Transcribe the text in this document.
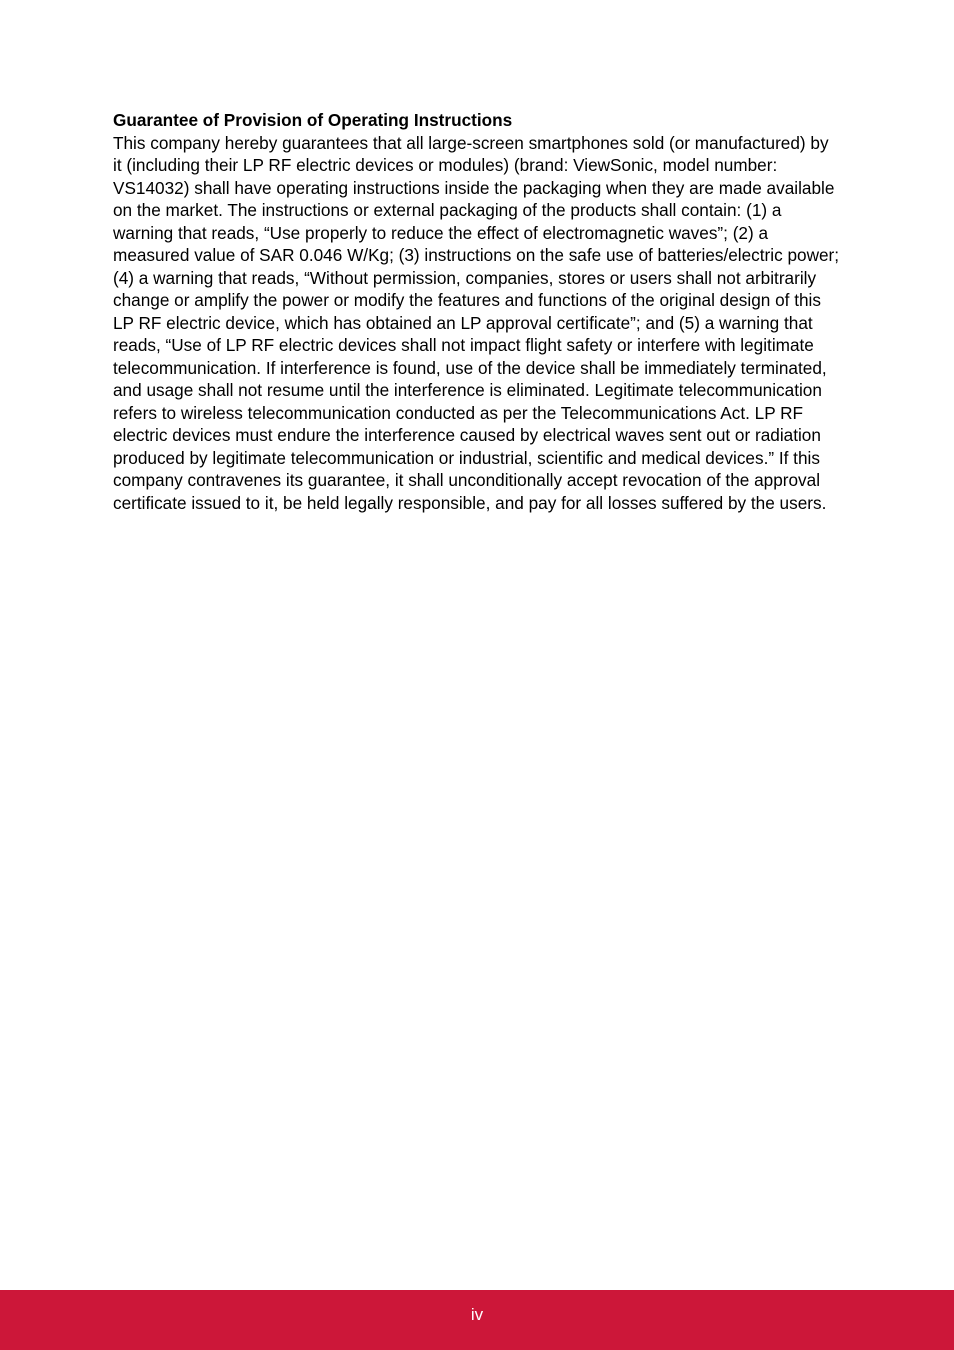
Guarantee of Provision of Operating Instructions

This company hereby guarantees that all large-screen smartphones sold (or manufactured) by it (including their LP RF electric devices or modules) (brand: ViewSonic, model number: VS14032) shall have operating instructions inside the packaging when they are made available on the market. The instructions or external packaging of the products shall contain: (1) a warning that reads, “Use properly to reduce the effect of electromagnetic waves”; (2) a measured value of SAR 0.046 W/Kg; (3) instructions on the safe use of batteries/electric power; (4) a warning that reads, “Without permission, companies, stores or users shall not arbitrarily change or amplify the power or modify the features and functions of the original design of this LP RF electric device, which has obtained an LP approval certificate”; and (5) a warning that reads, “Use of LP RF electric devices shall not impact flight safety or interfere with legitimate telecommunication. If interference is found, use of the device shall be immediately terminated, and usage shall not resume until the interference is eliminated. Legitimate telecommunication refers to wireless telecommunication conducted as per the Telecommunications Act. LP RF electric devices must endure the interference caused by electrical waves sent out or radiation produced by legitimate telecommunication or industrial, scientific and medical devices.” If this company contravenes its guarantee, it shall unconditionally accept revocation of the approval certificate issued to it, be held legally responsible, and pay for all losses suffered by the users.

iv
